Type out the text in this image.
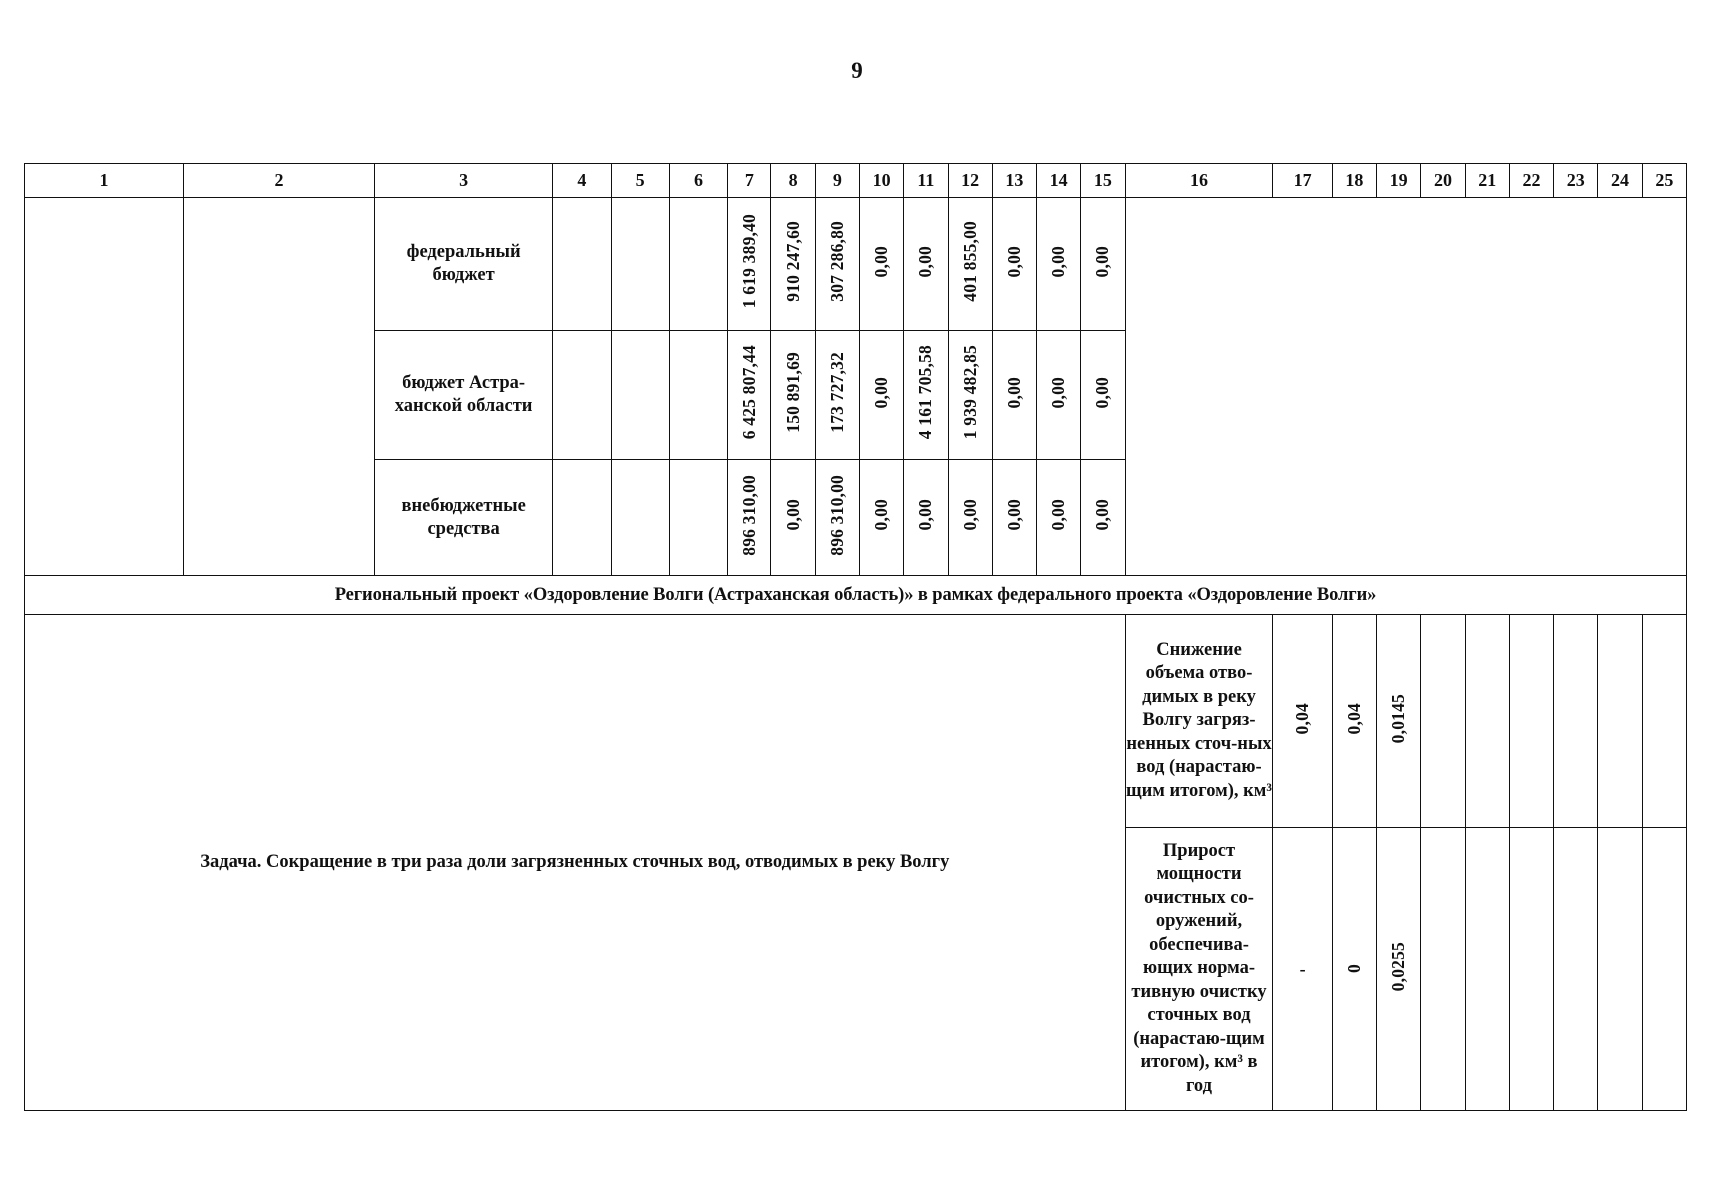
9
1	2	3	4	5	6	7	8	9	10	11	12	13	14	15	16	17	18	19	20	21	22	23	24	25
		федеральный бюджет				1 619 389,40	910 247,60	307 286,80	0,00	0,00	401 855,00	0,00	0,00	0,00										
		бюджет Астра-ханской области				6 425 807,44	150 891,69	173 727,32	0,00	4 161 705,58	1 939 482,85	0,00	0,00	0,00										
		внебюджетные средства				896 310,00	0,00	896 310,00	0,00	0,00	0,00	0,00	0,00	0,00										
Региональный проект «Оздоровление Волги (Астраханская область)» в рамках федерального проекта «Оздоровление Волги»																								
Задача. Сокращение в три раза доли загрязненных сточных вод, отводимых в реку Волгу															Снижение объема отво-димых в реку Волгу загряз-ненных сточ-ных вод (нарастаю-щим итогом), км³	0,04	0,04	0,0145						
															Прирост мощности очистных со-оружений, обеспечива-ющих норма-тивную очистку сточных вод (нарастаю-щим итогом), км³ в год	-	0	0,0255						
